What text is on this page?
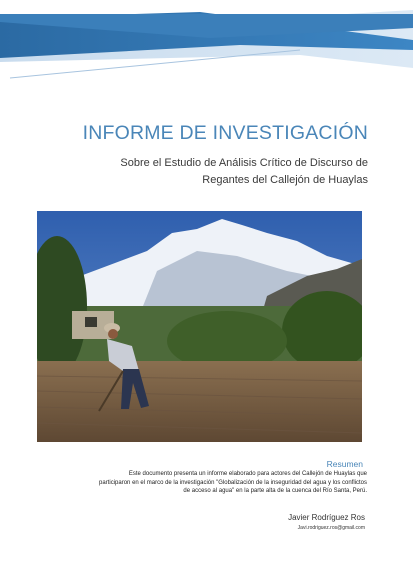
INFORME DE INVESTIGACIÓN
Sobre el Estudio de Análisis Crítico de Discurso de
Regantes del Callejón de Huaylas
Resumen
Este documento presenta un informe elaborado para actores del Callejón de Huaylas que participaron en el marco de la investigación "Globalización de la inseguridad del agua y los conflictos de acceso al agua" en la parte alta de la cuenca del Río Santa, Perú.
Javier Rodríguez Ros
Javi.rodriguez.ros@gmail.com
